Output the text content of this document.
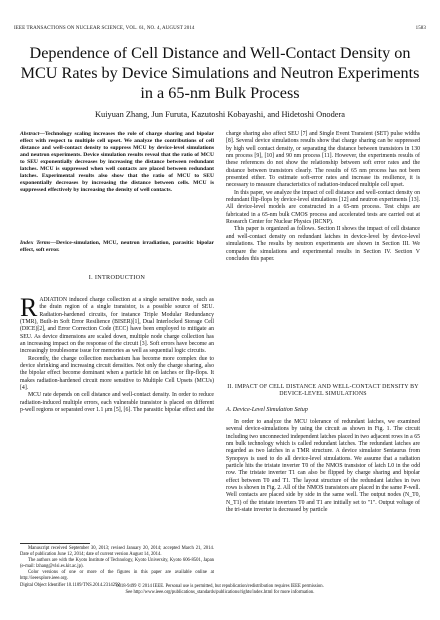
IEEE TRANSACTIONS ON NUCLEAR SCIENCE, VOL. 61, NO. 4, AUGUST 2014	1583
Dependence of Cell Distance and Well-Contact Density on MCU Rates by Device Simulations and Neutron Experiments in a 65-nm Bulk Process
Kuiyuan Zhang, Jun Furuta, Kazutoshi Kobayashi, and Hidetoshi Onodera
Abstract—Technology scaling increases the role of charge sharing and bipolar effect with respect to multiple cell upset. We analyze the contributions of cell distance and well-contact density to suppress MCU by device-level simulations and neutron experiments. Device simulation results reveal that the ratio of MCU to SEU exponentially decreases by increasing the distance between redundant latches. MCU is suppressed when well contacts are placed between redundant latches. Experimental results also show that the ratio of MCU to SEU exponentially decreases by increasing the distance between cells. MCU is suppressed effectively by increasing the density of well contacts.
Index Terms—Device-simulation, MCU, neutron irradiation, parasitic bipolar effect, soft error.
I. INTRODUCTION

RADIATION induced charge collection at a single sensitive node, such as the drain region of a single transistor, is a possible source of SEU. Radiation-hardened circuits, for instance Triple Modular Redundancy (TMR), Built-in Soft Error Resilience (BISER)[1], Dual Interlocked Storage Cell (DICE)[2], and Error Correction Code (ECC) have been employed to mitigate an SEU. As device dimensions are scaled down, multiple node charge collection has an increasing impact on the response of the circuit [3]. Soft errors have become an increasingly troublesome issue for memories as well as sequential logic circuits.

Recently, the charge collection mechanism has become more complex due to device shrinking and increasing circuit densities. Not only the charge sharing, also the bipolar effect become dominant when a particle hit on latches or flip-flops. It makes radiation-hardened circuit more sensitive to Multiple Cell Upsets (MCUs) [4].

MCU rate depends on cell distance and well-contact density. In order to reduce radiation-induced multiple errors, each vulnerable transistor is placed on different p-well regions or separated over 1.1 μm [5], [6]. The parasitic bipolar effect and the

Manuscript received September 30, 2013; revised January 20, 2014; accepted March 21, 2014. Date of publication June 12, 2014; date of current version August 14, 2014.

The authors are with the Kyoto Institute of Technology, Kyoto University, Kyoto 606-8501, Japan (e-mail: lzhang@vlsi.es.kit.ac.jp).

Color versions of one or more of the figures in this paper are available online at http://ieeexplore.ieee.org.

Digital Object Identifier 10.1109/TNS.2014.2314292

charge sharing also affect SEU [7] and Single Event Transient (SET) pulse widths [8]. Several device simulations results show that charge sharing can be suppressed by high well contact density, or separating the distance between transistors in 130 nm process [9], [10] and 90 nm process [11]. However, the experiments results of these references do not show the relationship between soft error rates and the distance between transistors clearly. The results of 65 nm process has not been presented either. To estimate soft-error rates and increase its resilience, it is necessary to measure characteristics of radiation-induced multiple cell upset.

In this paper, we analyze the impact of cell distance and well-contact density on redundant flip-flops by device-level simulations [12] and neutron experiments [13]. All device-level models are constructed in a 65-nm process. Test chips are fabricated in a 65-nm bulk CMOS process and accelerated tests are carried out at Research Center for Nuclear Physics (RCNP).

This paper is organized as follows. Section II shows the impact of cell distance and well-contact density on redundant latches in device-level by device-level simulations. The results by neutron experiments are shown in Section III. We compare the simulations and experimental results in Section IV. Section V concludes this paper.

II. IMPACT OF CELL DISTANCE AND WELL-CONTACT DENSITY BY DEVICE-LEVEL SIMULATIONS
A. Device-Level Simulation Setup

In order to analyze the MCU tolerance of redundant latches, we examined several device-simulations by using the circuit as shown in Fig. 1. The circuit including two unconnected independent latches placed in two adjacent rows in a 65 nm bulk technology which is called redundant latches. The redundant latches are regarded as two latches in a TMR structure. A device simulator Sentaurus from Synopsys is used to do all device-level simulations. We assume that a radiation particle hits the tristate inverter T0 of the NMOS transistor of latch L0 in the odd row. The tristate inverter T1 can also be flipped by charge sharing and bipolar effect between T0 and T1. The layout structure of the redundant latches in two rows is shown in Fig. 2. All of the NMOS transistors are placed in the same P-well. Well contacts are placed side by side in the same well. The output nodes (N_T0, N_T1) of the tristate inverters T0 and T1 are initially set to "1". Output voltage of the tri-state inverter is decreased by particle

0018-9499 © 2014 IEEE. Personal use is permitted, but republication/redistribution requires IEEE permission.
See http://www.ieee.org/publications_standards/publications/rights/index.html for more information.
